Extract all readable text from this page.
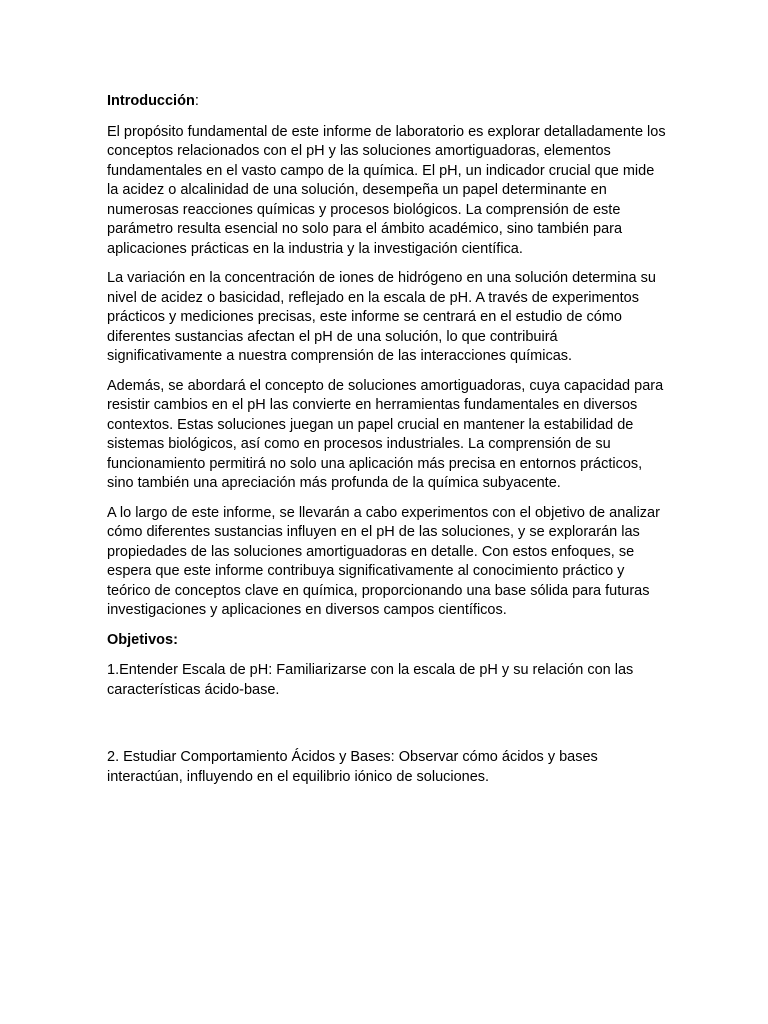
Introducción:

El propósito fundamental de este informe de laboratorio es explorar detalladamente los conceptos relacionados con el pH y las soluciones amortiguadoras, elementos fundamentales en el vasto campo de la química. El pH, un indicador crucial que mide la acidez o alcalinidad de una solución, desempeña un papel determinante en numerosas reacciones químicas y procesos biológicos. La comprensión de este parámetro resulta esencial no solo para el ámbito académico, sino también para aplicaciones prácticas en la industria y la investigación científica.

La variación en la concentración de iones de hidrógeno en una solución determina su nivel de acidez o basicidad, reflejado en la escala de pH. A través de experimentos prácticos y mediciones precisas, este informe se centrará en el estudio de cómo diferentes sustancias afectan el pH de una solución, lo que contribuirá significativamente a nuestra comprensión de las interacciones químicas.

Además, se abordará el concepto de soluciones amortiguadoras, cuya capacidad para resistir cambios en el pH las convierte en herramientas fundamentales en diversos contextos. Estas soluciones juegan un papel crucial en mantener la estabilidad de sistemas biológicos, así como en procesos industriales. La comprensión de su funcionamiento permitirá no solo una aplicación más precisa en entornos prácticos, sino también una apreciación más profunda de la química subyacente.

A lo largo de este informe, se llevarán a cabo experimentos con el objetivo de analizar cómo diferentes sustancias influyen en el pH de las soluciones, y se explorarán las propiedades de las soluciones amortiguadoras en detalle. Con estos enfoques, se espera que este informe contribuya significativamente al conocimiento práctico y teórico de conceptos clave en química, proporcionando una base sólida para futuras investigaciones y aplicaciones en diversos campos científicos.

Objetivos:

1.Entender Escala de pH: Familiarizarse con la escala de pH y su relación con las características ácido-base.

2. Estudiar Comportamiento Ácidos y Bases: Observar cómo ácidos y bases interactúan, influyendo en el equilibrio iónico de soluciones.
